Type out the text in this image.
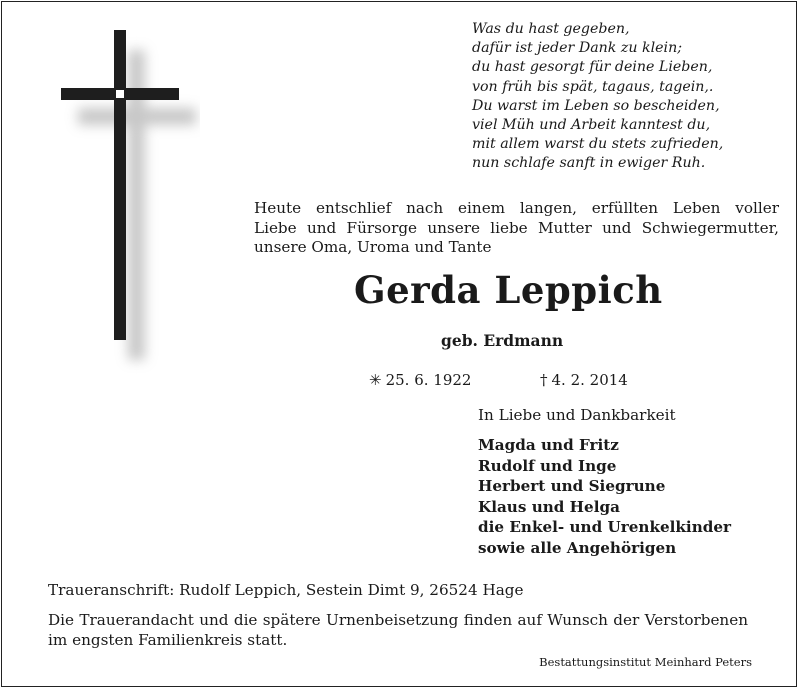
Was du hast gegeben,
dafür ist jeder Dank zu klein;
du hast gesorgt für deine Lieben,
von früh bis spät, tagaus, tagein,.
Du warst im Leben so bescheiden,
viel Müh und Arbeit kanntest du,
mit allem warst du stets zufrieden,
nun schlafe sanft in ewiger Ruh.
Heute entschlief nach einem langen, erfüllten Leben voller
Liebe und Fürsorge unsere liebe Mutter und Schwiegermutter,
unsere Oma, Uroma und Tante
Gerda Leppich
geb. Erdmann
✳ 25. 6. 1922	† 4. 2. 2014
In Liebe und Dankbarkeit
Magda und Fritz
Rudolf und Inge
Herbert und Siegrune
Klaus und Helga
die Enkel- und Urenkelkinder
sowie alle Angehörigen
Traueranschrift: Rudolf Leppich, Sestein Dimt 9, 26524 Hage
Die Trauerandacht und die spätere Urnenbeisetzung finden auf Wunsch der Verstorbenen
im engsten Familienkreis statt.
Bestattungsinstitut Meinhard Peters
